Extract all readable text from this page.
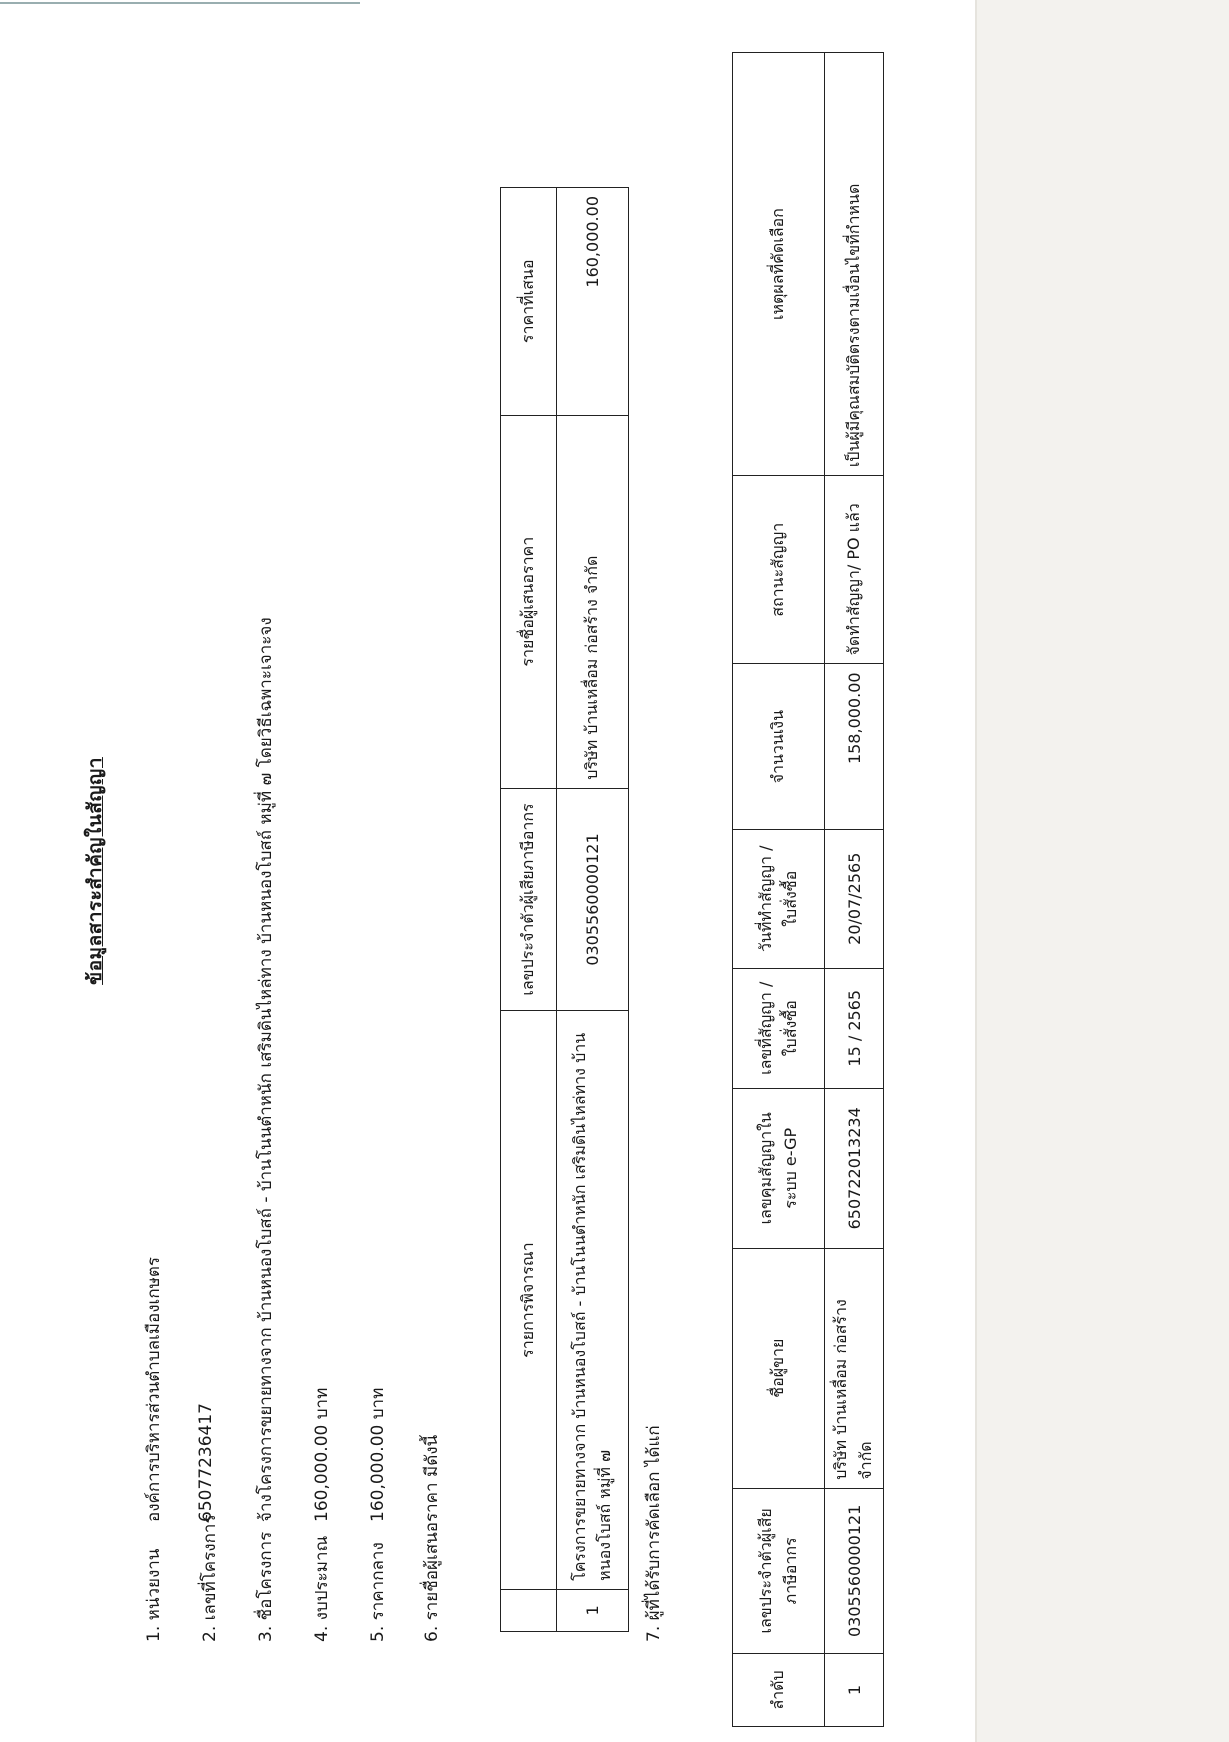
ข้อมูลสาระสำคัญในสัญญา
1. หน่วยงาน
องค์การบริหารส่วนตำบลเมืองเกษตร
2. เลขที่โครงการ
65077236417
3. ชื่อโครงการ
จ้างโครงการขยายทางจาก บ้านหนองโบสถ์ - บ้านโนนตำหนัก เสริมดินไหล่ทาง บ้านหนองโบสถ์ หมู่ที่ ๗ โดยวิธีเฉพาะเจาะจง
4. งบประมาณ
160,000.00 บาท
5. ราคากลาง
160,000.00 บาท 6. รายชื่อผู้เสนอราคา มีดังนี้
	รายการพิจารณา	เลขประจำตัวผู้เสียภาษีอากร	รายชื่อผู้เสนอราคา	ราคาที่เสนอ
1	โครงการขยายทางจาก บ้านหนองโบสถ์ - บ้านโนนตำหนัก เสริมดินไหล่ทาง บ้านหนองโบสถ์ หมู่ที่ ๗	0305560000121	บริษัท บ้านเหลื่อม ก่อสร้าง จำกัด	160,000.00
7. ผู้ที่ได้รับการคัดเลือก ได้แก่
ลำดับ	เลขประจำตัวผู้เสียภาษีอากร	ชื่อผู้ขาย	เลขคุมสัญญาในระบบ e-GP	เลขที่สัญญา / ใบสั่งซื้อ	วันที่ทำสัญญา / ใบสั่งซื้อ	จำนวนเงิน	สถานะสัญญา	เหตุผลที่คัดเลือก
1	0305560000121	บริษัท บ้านเหลื่อม ก่อสร้าง จำกัด	650722013234	15 / 2565	20/07/2565	158,000.00	จัดทำสัญญา/ PO แล้ว	เป็นผู้มีคุณสมบัติตรงตามเงื่อนไขที่กำหนด
